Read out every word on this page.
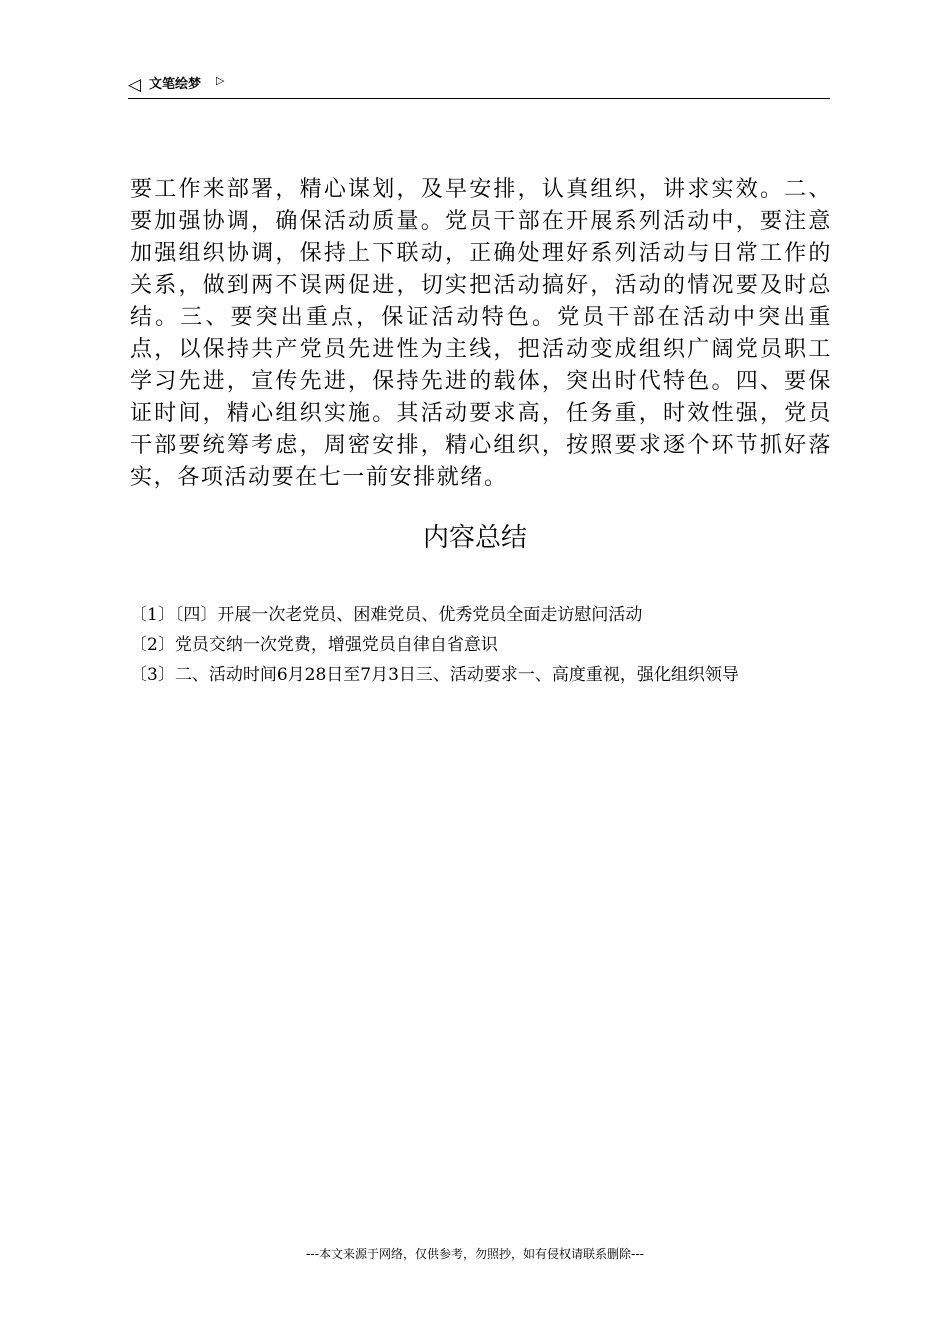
◁ 文笔绘梦 ▷

要工作来部署，精心谋划，及早安排，认真组织，讲求实效。二、要加强协调，确保活动质量。党员干部在开展系列活动中，要注意加强组织协调，保持上下联动，正确处理好系列活动与日常工作的关系，做到两不误两促进，切实把活动搞好，活动的情况要及时总结。三、要突出重点，保证活动特色。党员干部在活动中突出重点，以保持共产党员先进性为主线，把活动变成组织广阔党员职工学习先进，宣传先进，保持先进的载体，突出时代特色。四、要保证时间，精心组织实施。其活动要求高，任务重，时效性强，党员干部要统筹考虑，周密安排，精心组织，按照要求逐个环节抓好落实，各项活动要在七一前安排就绪。

内容总结
〔1〕〔四〕开展一次老党员、困难党员、优秀党员全面走访慰问活动
〔2〕党员交纳一次党费，增强党员自律自省意识
〔3〕二、活动时间6月28日至7月3日三、活动要求一、高度重视，强化组织领导
---本文来源于网络，仅供参考，勿照抄，如有侵权请联系删除---
